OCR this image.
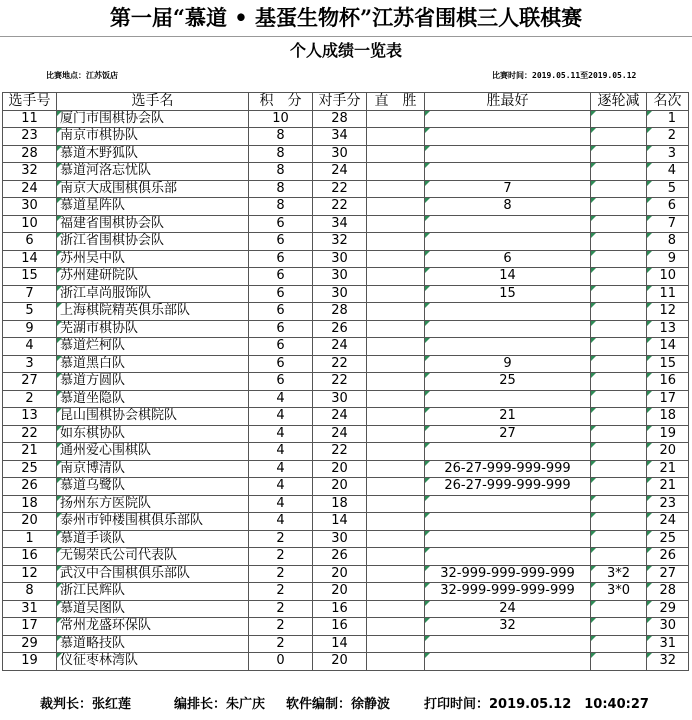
第一届“慕道 • 基蛋生物杯”江苏省围棋三人联棋赛
个人成绩一览表
比赛地点：江苏饭店	比赛时间：2019.05.11至2019.05.12
选手号	选手名	积　分	对手分	直　胜	胜最好	逐轮减	名次
11	厦门市围棋协会队	10	28				1
23	南京市棋协队	8	34				2
28	慕道木野狐队	8	30				3
32	慕道河洛忘忧队	8	24				4
24	南京大成围棋俱乐部	8	22		7		5
30	慕道星阵队	8	22		8		6
10	福建省围棋协会队	6	34				7
6	浙江省围棋协会队	6	32				8
14	苏州吴中队	6	30		6		9
15	苏州建研院队	6	30		14		10
7	浙江卓尚服饰队	6	30		15		11
5	上海棋院精英俱乐部队	6	28				12
9	芜湖市棋协队	6	26				13
4	慕道烂柯队	6	24				14
3	慕道黑白队	6	22		9		15
27	慕道方圆队	6	22		25		16
2	慕道坐隐队	4	30				17
13	昆山围棋协会棋院队	4	24		21		18
22	如东棋协队	4	24		27		19
21	通州爱心围棋队	4	22				20
25	南京博清队	4	20		26-27-999-999-999		21
26	慕道乌鹭队	4	20		26-27-999-999-999		21
18	扬州东方医院队	4	18				23
20	泰州市钟楼围棋俱乐部队	4	14				24
1	慕道手谈队	2	30				25
16	无锡荣氏公司代表队	2	26				26
12	武汉中合围棋俱乐部队	2	20		32-999-999-999-999	3*2	27
8	浙江民辉队	2	20		32-999-999-999-999	3*0	28
31	慕道吴图队	2	16		24		29
17	常州龙盛环保队	2	16		32		30
29	慕道略技队	2	14				31
19	仪征枣林湾队	0	20				32
裁判长：张红莲	编排长：朱广庆 软件编制：徐静波	打印时间：2019.05.12　10:40:27
